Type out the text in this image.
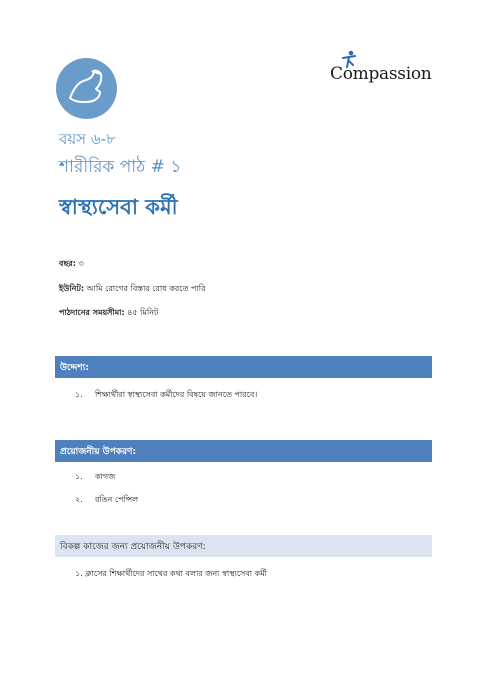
Compassion
বয়স ৬-৮
শারীরিক পাঠ # ১
স্বাস্থ্যসেবা কর্মী
বছর: ৩
ইউনিট: আমি রোগের বিস্তার রোধ করতে পারি
পাঠদানের সময়সীমা: ৪৫ মিনিট
উদ্দেশ্য:
১. শিক্ষার্থীরা স্বাস্থ্যসেবা কর্মীদের বিষয়ে জানতে পারবে।
প্রয়োজনীয় উপকরণ:
১. কাগজ
২. রঙিন পেন্সিল
বিকল্প কাজের জন্য প্রয়োজনীয় উপকরণ:
১. ক্লাসের শিক্ষার্থীদের সাথের কথা বলার জন্য স্বাস্থ্যসেবা কর্মী
